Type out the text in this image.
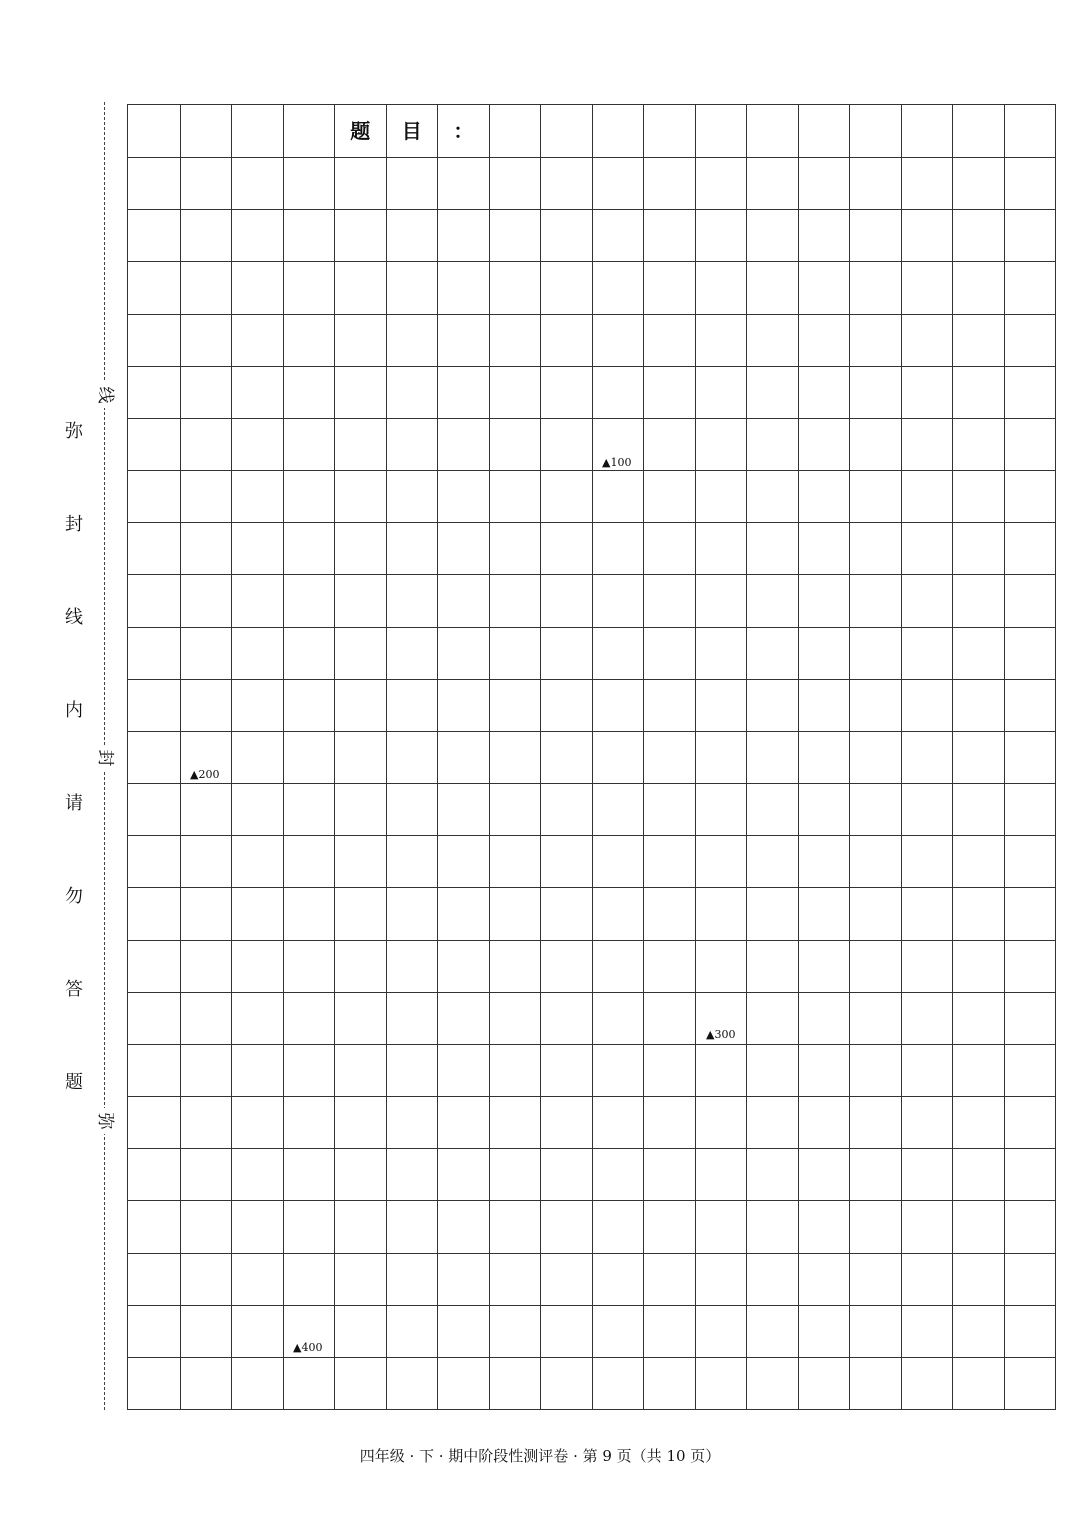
线
封
弥
弥
封
线
内
请
勿
答
题
题	目	：
▲100
▲200
▲300
▲400
四年级 · 下 · 期中阶段性测评卷 · 第 9 页（共 10 页）
